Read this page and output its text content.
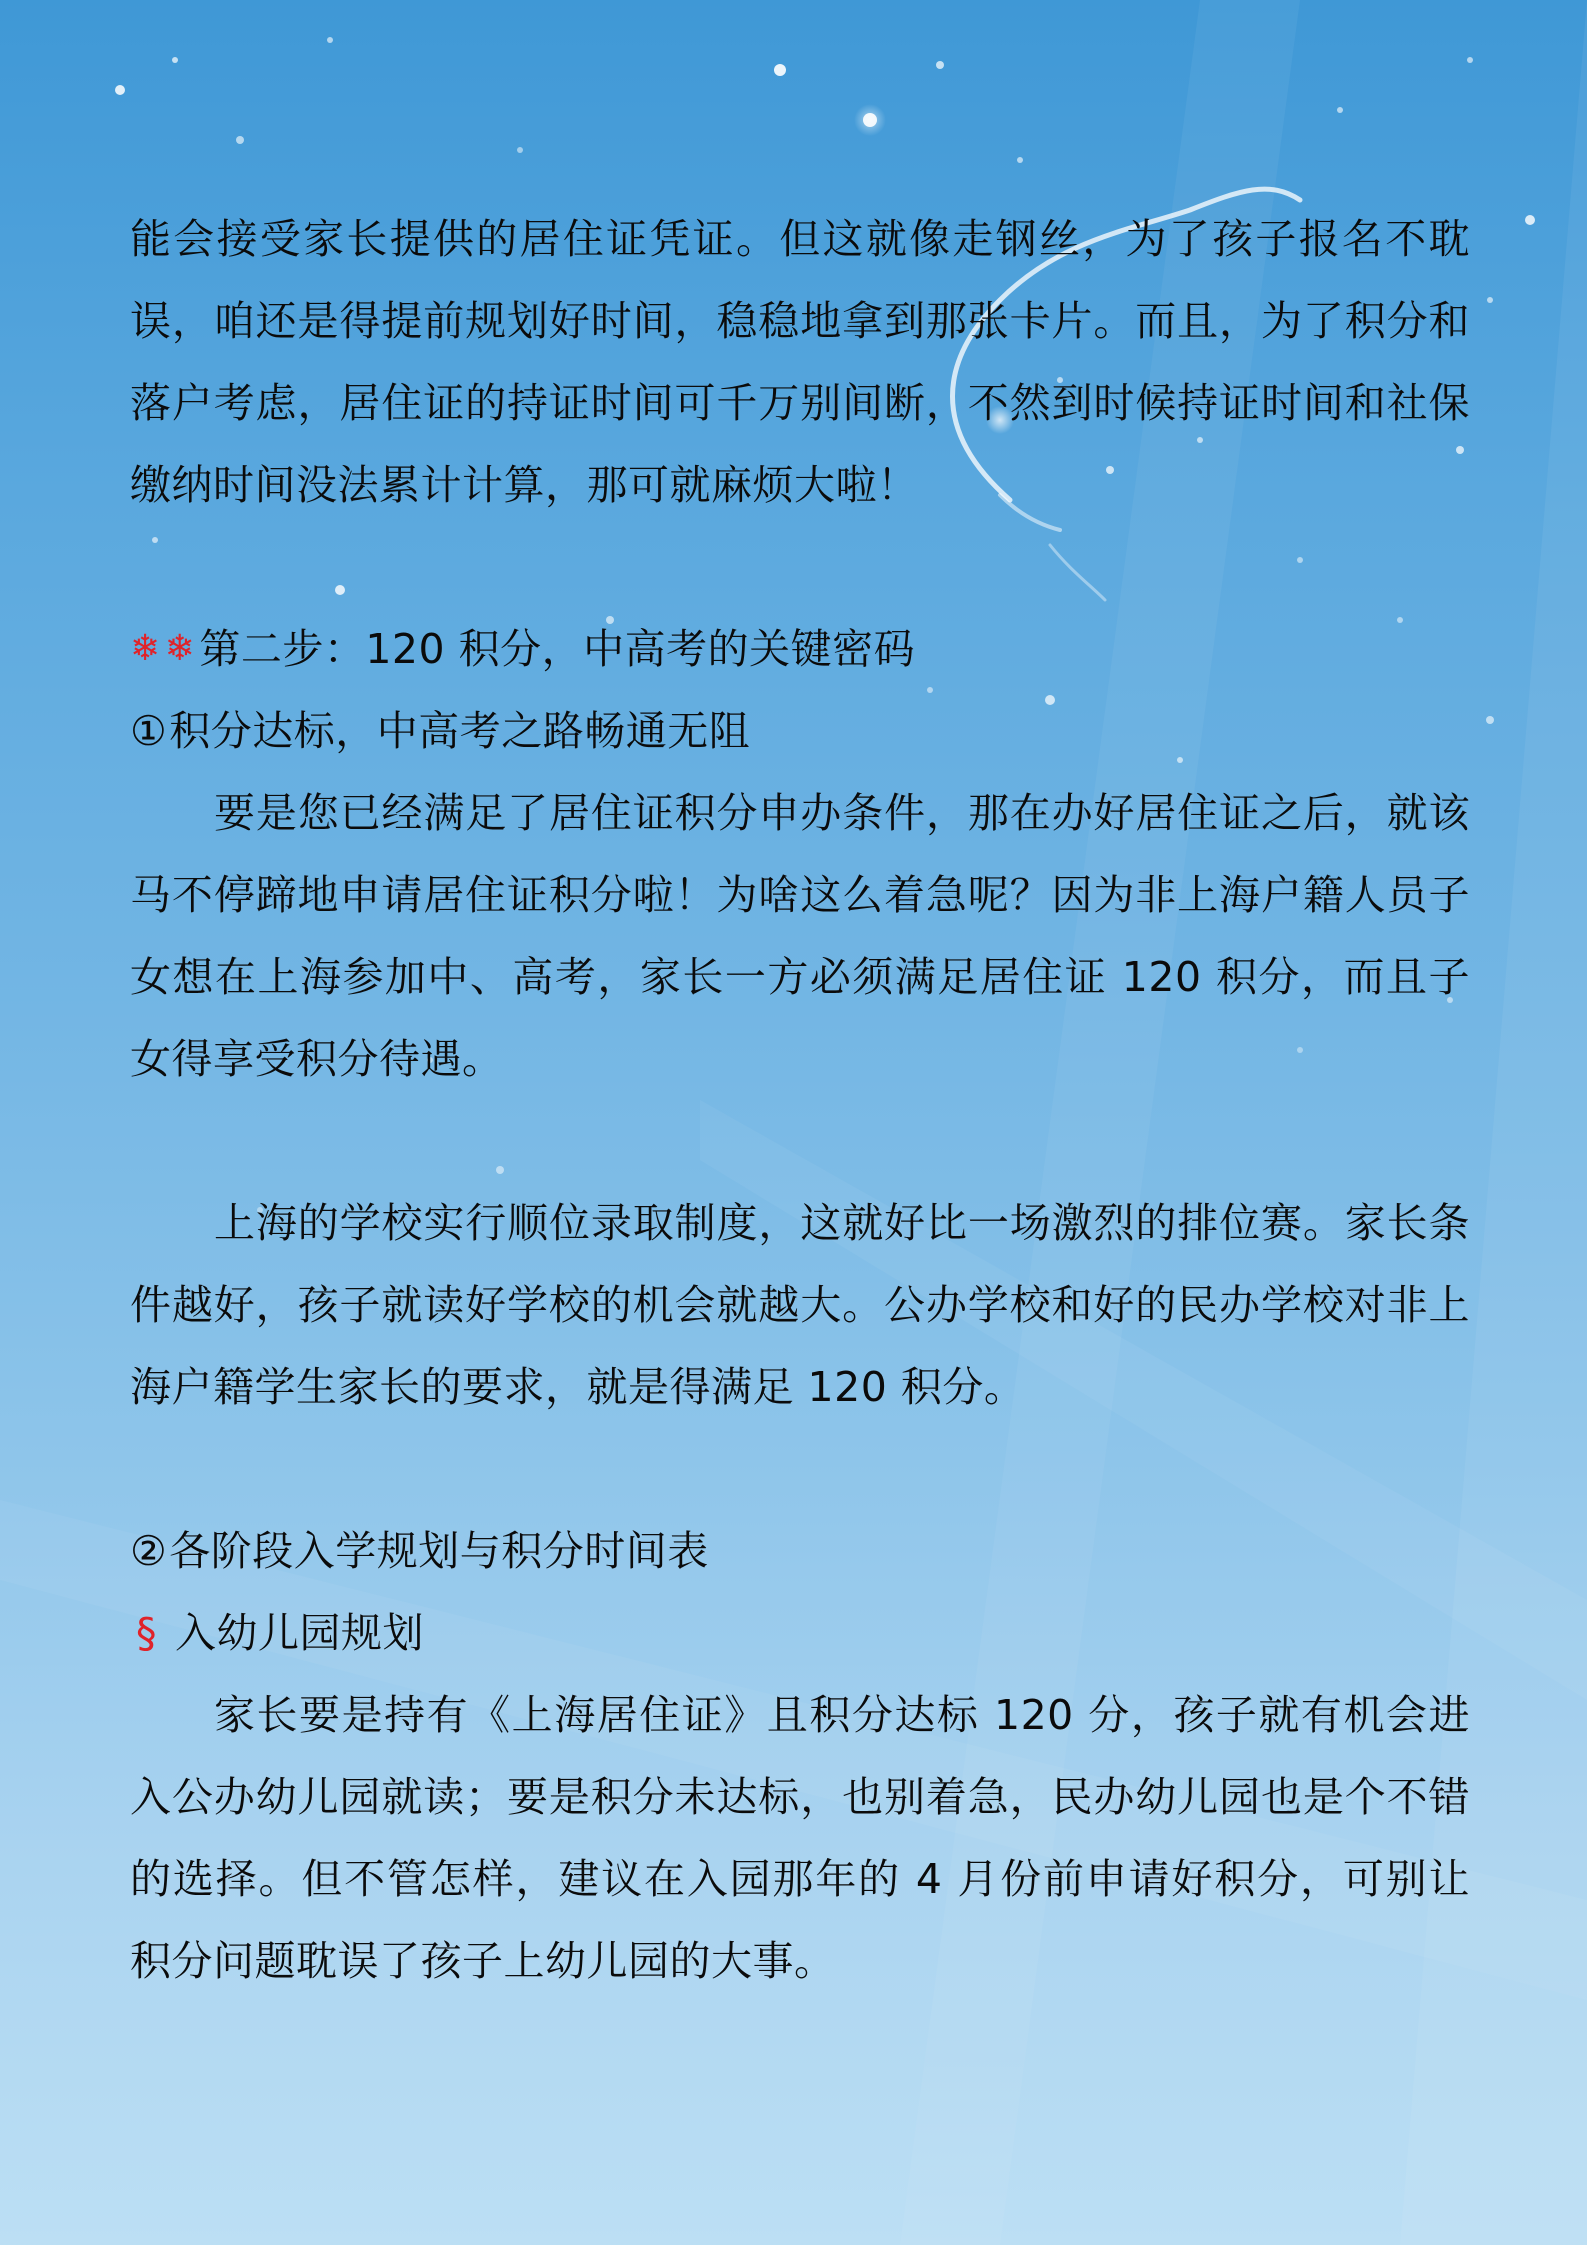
能会接受家长提供的居住证凭证。但这就像走钢丝，为了孩子报名不耽误，咱还是得提前规划好时间，稳稳地拿到那张卡片。而且，为了积分和落户考虑，居住证的持证时间可千万别间断，不然到时候持证时间和社保缴纳时间没法累计计算，那可就麻烦大啦！

❄ ❄ 第二步：120 积分，中高考的关键密码

① 积分达标，中高考之路畅通无阻

要是您已经满足了居住证积分申办条件，那在办好居住证之后，就该马不停蹄地申请居住证积分啦！为啥这么着急呢？因为非上海户籍人员子女想在上海参加中、高考，家长一方必须满足居住证 120 积分，而且子女得享受积分待遇。

上海的学校实行顺位录取制度，这就好比一场激烈的排位赛。家长条件越好，孩子就读好学校的机会就越大。公办学校和好的民办学校对非上海户籍学生家长的要求，就是得满足 120 积分。

② 各阶段入学规划与积分时间表

§ 入幼儿园规划

家长要是持有《上海居住证》且积分达标 120 分，孩子就有机会进入公办幼儿园就读；要是积分未达标，也别着急，民办幼儿园也是个不错的选择。但不管怎样，建议在入园那年的 4 月份前申请好积分，可别让积分问题耽误了孩子上幼儿园的大事。
